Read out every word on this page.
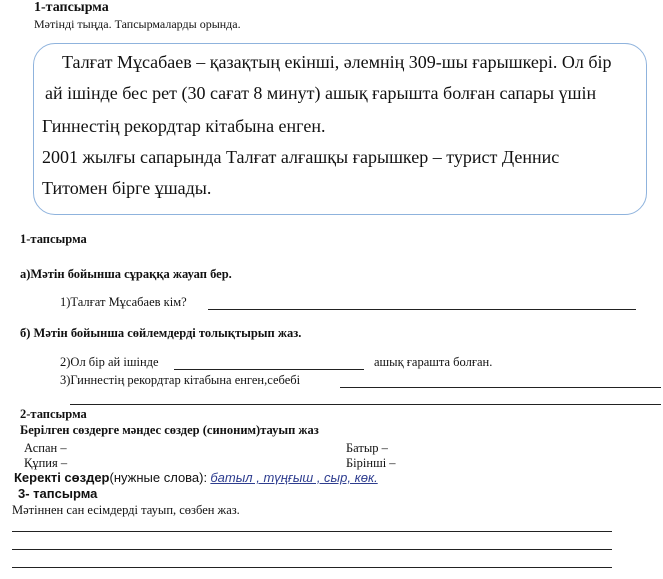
1-тапсырма
Мәтінді тыңда. Тапсырмаларды орында.
Талғат Мұсабаев – қазақтың екінші, әлемнің 309-шы ғарышкері. Ол бір
ай ішінде бес рет (30 сағат 8 минут) ашық ғарышта болған сапары үшін
Гиннестің рекордтар кітабына енген.
2001 жылғы сапарында Талғат алғашқы ғарышкер – турист Деннис
Титомен бірге ұшады.
1-тапсырма
а)Мәтін бойынша сұраққа жауап бер.
1)Талғат Мұсабаев кім?
б) Мәтін бойынша сөйлемдерді толықтырып жаз.
2)Ол бір ай ішінде	ашық ғарашта болған.
3)Гиннестің рекордтар кітабына енген,себебі
2-тапсырма
Берілген сөздерге мәндес сөздер (синоним)тауып жаз
Аспан –
Құпия –
Батыр –
Бірінші –
Керекті сөздер(нужные слова): батыл , түңғыш , сыр, көк.
3- тапсырма
Мәтіннен сан есімдерді тауып, сөзбен жаз.
